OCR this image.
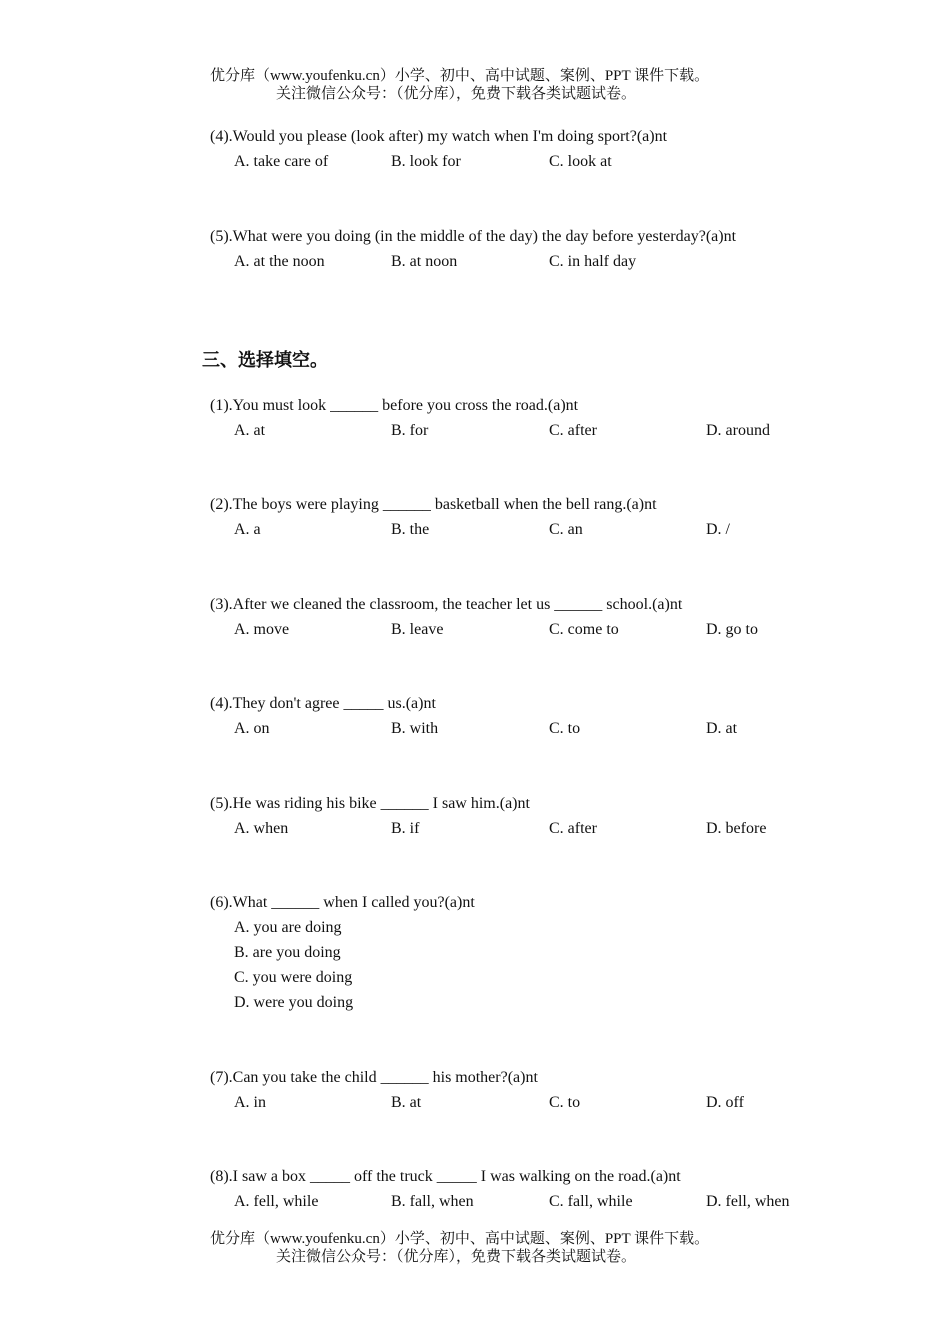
优分库（www.youfenku.cn）小学、初中、高中试题、案例、PPT 课件下载。
关注微信公众号：（优分库），免费下载各类试题试卷。
(4).Would you please (look after) my watch when I'm doing sport?(a)nt
A. take care of	B. look for	C. look at
(5).What were you doing (in the middle of the day) the day before yesterday?(a)nt
A. at the noon	B. at noon	C. in half day
三、选择填空。
(1).You must look ______ before you cross the road.(a)nt
A. at	B. for	C. after	D. around
(2).The boys were playing ______ basketball when the bell rang.(a)nt
A. a	B. the	C. an	D. /
(3).After we cleaned the classroom, the teacher let us ______ school.(a)nt
A. move	B. leave	C. come to	D. go to
(4).They don't agree _____ us.(a)nt
A. on	B. with	C. to	D. at
(5).He was riding his bike ______ I saw him.(a)nt
A. when	B. if	C. after	D. before
(6).What ______ when I called you?(a)nt
A. you are doing
B. are you doing
C. you were doing
D. were you doing
(7).Can you take the child ______ his mother?(a)nt
A. in	B. at	C. to	D. off
(8).I saw a box _____ off the truck _____ I was walking on the road.(a)nt
A. fell, while	B. fall, when	C. fall, while	D. fell, when
优分库（www.youfenku.cn）小学、初中、高中试题、案例、PPT 课件下载。
关注微信公众号：（优分库），免费下载各类试题试卷。
